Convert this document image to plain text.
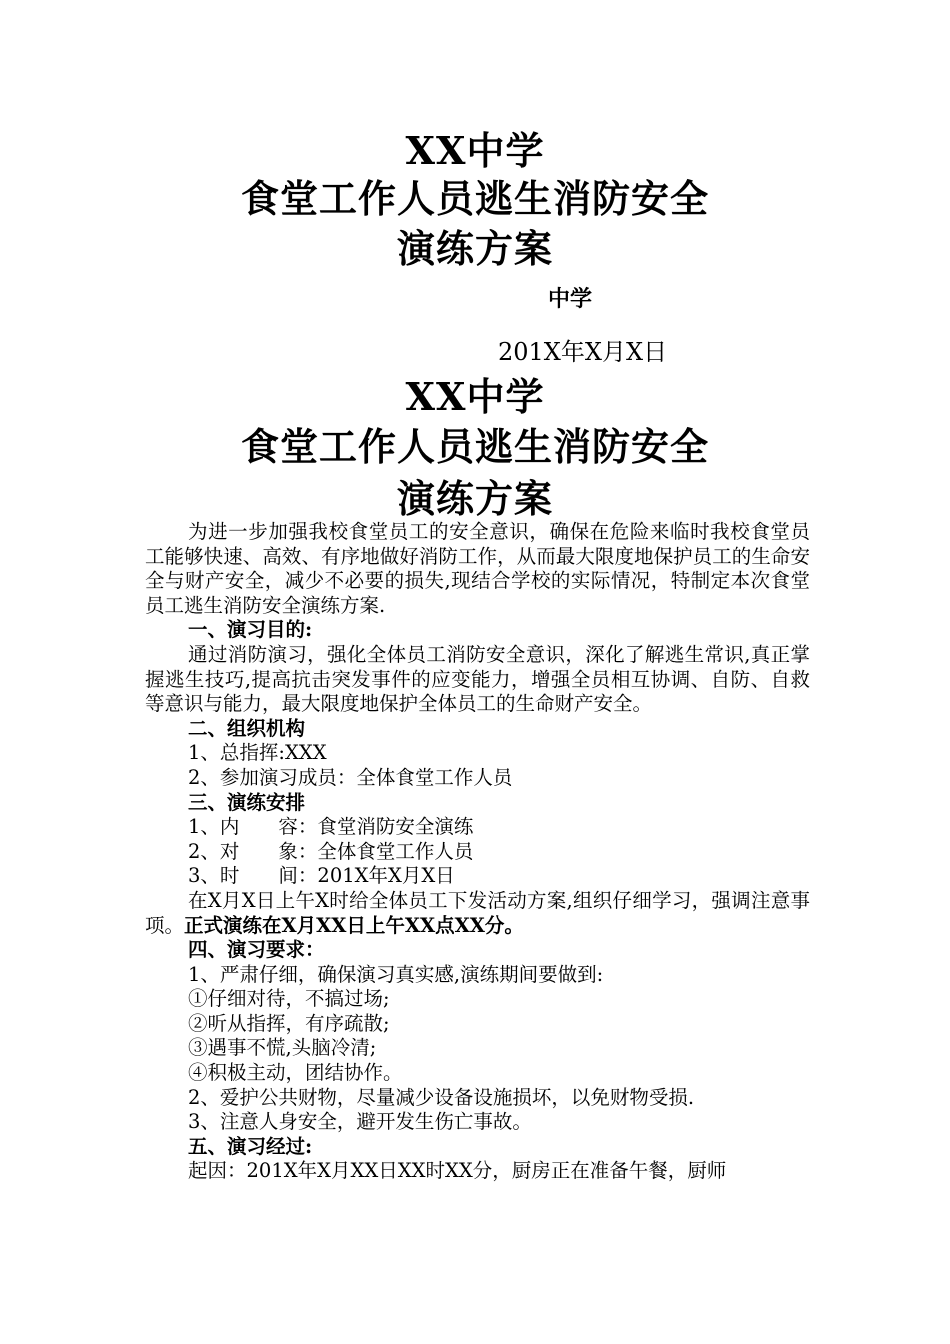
XX中学
食堂工作人员逃生消防安全
演练方案
中学
201X年X月X日
XX中学
食堂工作人员逃生消防安全
演练方案

为进一步加强我校食堂员工的安全意识，确保在危险来临时我校食堂员工能够快速、高效、有序地做好消防工作，从而最大限度地保护员工的生命安全与财产安全，减少不必要的损失,现结合学校的实际情况，特制定本次食堂员工逃生消防安全演练方案.

一、演习目的:

通过消防演习，强化全体员工消防安全意识，深化了解逃生常识,真正掌握逃生技巧,提高抗击突发事件的应变能力，增强全员相互协调、自防、自救等意识与能力，最大限度地保护全体员工的生命财产安全。

二、组织机构

1、总指挥:XXX

2、参加演习成员：全体食堂工作人员

三、演练安排

1、内　　容：食堂消防安全演练

2、对　　象：全体食堂工作人员

3、时　　间：201X年X月X日

在X月X日上午X时给全体员工下发活动方案,组织仔细学习，强调注意事项。正式演练在X月XX日上午XX点XX分。

四、演习要求：

1、严肃仔细，确保演习真实感,演练期间要做到:

①仔细对待，不搞过场;

②听从指挥，有序疏散;

③遇事不慌,头脑冷清;

④积极主动，团结协作。

2、爱护公共财物，尽量减少设备设施损坏，以免财物受损.

3、注意人身安全，避开发生伤亡事故。

五、演习经过:

起因：201X年X月XX日XX时XX分，厨房正在准备午餐，厨师
